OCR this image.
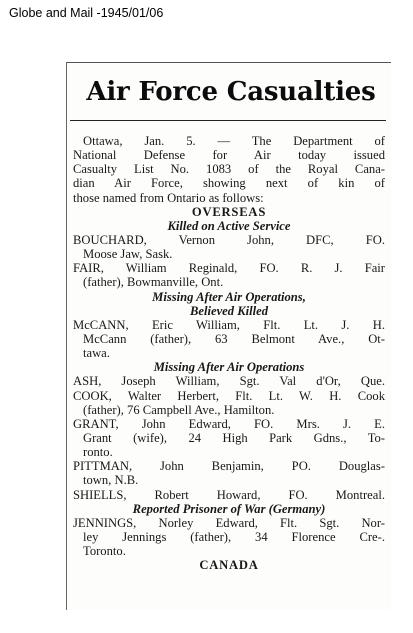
Globe and Mail -1945/01/06
Air Force Casualties
Ottawa, Jan. 5. — The Department of
National Defense for Air today issued
Casualty List No. 1083 of the Royal Cana-
dian Air Force, showing next of kin of
those named from Ontario as follows:
OVERSEAS
Killed on Active Service
BOUCHARD, Vernon John, DFC, FO.
Moose Jaw, Sask.
FAIR, William Reginald, FO. R. J. Fair
(father), Bowmanville, Ont.
Missing After Air Operations,
Believed Killed
McCANN, Eric William, Flt. Lt. J. H.
McCann (father), 63 Belmont Ave., Ot-
tawa.
Missing After Air Operations
ASH, Joseph William, Sgt. Val d'Or, Que.
COOK, Walter Herbert, Flt. Lt. W. H. Cook
(father), 76 Campbell Ave., Hamilton.
GRANT, John Edward, FO. Mrs. J. E.
Grant (wife), 24 High Park Gdns., To-
ronto.
PITTMAN, John Benjamin, PO. Douglas-
town, N.B.
SHIELLS, Robert Howard, FO. Montreal.
Reported Prisoner of War (Germany)
JENNINGS, Norley Edward, Flt. Sgt. Nor-
ley Jennings (father), 34 Florence Cre-.
Toronto.
CANADA
